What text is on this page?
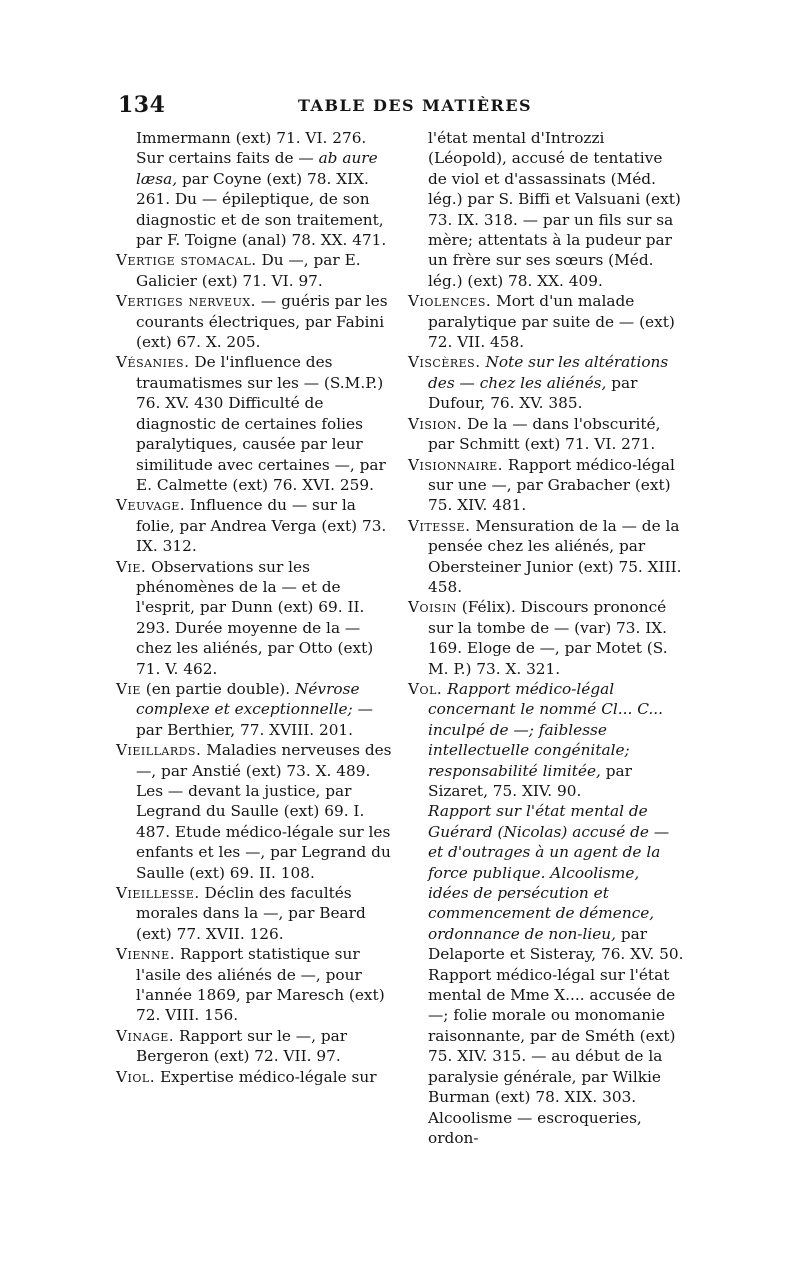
134	TABLE DES MATIÈRES

Immermann (ext) 71. VI. 276. Sur certains faits de — ab aure læsa, par Coyne (ext) 78. XIX. 261. Du — épileptique, de son diagnostic et de son traitement, par F. Toigne (anal) 78. XX. 471.

Vertige stomacal. Du —, par E. Galicier (ext) 71. VI. 97.

Vertiges nerveux. — guéris par les courants électriques, par Fabini (ext) 67. X. 205.

Vésanies. De l'influence des traumatismes sur les — (S.M.P.) 76. XV. 430 Difficulté de diagnostic de certaines folies paralytiques, causée par leur similitude avec certaines —, par E. Calmette (ext) 76. XVI. 259.

Veuvage. Influence du — sur la folie, par Andrea Verga (ext) 73. IX. 312.

Vie. Observations sur les phénomènes de la — et de l'esprit, par Dunn (ext) 69. II. 293. Durée moyenne de la — chez les aliénés, par Otto (ext) 71. V. 462.

Vie (en partie double). Névrose complexe et exceptionnelle; — par Berthier, 77. XVIII. 201.

Vieillards. Maladies nerveuses des —, par Anstié (ext) 73. X. 489. Les — devant la justice, par Legrand du Saulle (ext) 69. I. 487. Etude médico-légale sur les enfants et les —, par Legrand du Saulle (ext) 69. II. 108.

Vieillesse. Déclin des facultés morales dans la —, par Beard (ext) 77. XVII. 126.

Vienne. Rapport statistique sur l'asile des aliénés de —, pour l'année 1869, par Maresch (ext) 72. VIII. 156.

Vinage. Rapport sur le —, par Bergeron (ext) 72. VII. 97.

Viol. Expertise médico-légale sur

l'état mental d'Introzzi (Léopold), accusé de tentative de viol et d'assassinats (Méd. lég.) par S. Biffi et Valsuani (ext) 73. IX. 318. — par un fils sur sa mère; attentats à la pudeur par un frère sur ses sœurs (Méd. lég.) (ext) 78. XX. 409.

Violences. Mort d'un malade paralytique par suite de — (ext) 72. VII. 458.

Viscères. Note sur les altérations des — chez les aliénés, par Dufour, 76. XV. 385.

Vision. De la — dans l'obscurité, par Schmitt (ext) 71. VI. 271.

Visionnaire. Rapport médico-légal sur une —, par Grabacher (ext) 75. XIV. 481.

Vitesse. Mensuration de la — de la pensée chez les aliénés, par Obersteiner Junior (ext) 75. XIII. 458.

Voisin (Félix). Discours prononcé sur la tombe de — (var) 73. IX. 169. Eloge de —, par Motet (S. M. P.) 73. X. 321.

Vol. Rapport médico-légal concernant le nommé Cl... C... inculpé de —; faiblesse intellectuelle congénitale; responsabilité limitée, par Sizaret, 75. XIV. 90.

Rapport sur l'état mental de Guérard (Nicolas) accusé de — et d'outrages à un agent de la force publique. Alcoolisme, idées de persécution et commencement de démence, ordonnance de non-lieu, par Delaporte et Sisteray, 76. XV. 50. Rapport médico-légal sur l'état mental de Mme X.... accusée de —; folie morale ou monomanie raisonnante, par de Sméth (ext) 75. XIV. 315. — au début de la paralysie générale, par Wilkie Burman (ext) 78. XIX. 303. Alcoolisme — escroqueries, ordon-
